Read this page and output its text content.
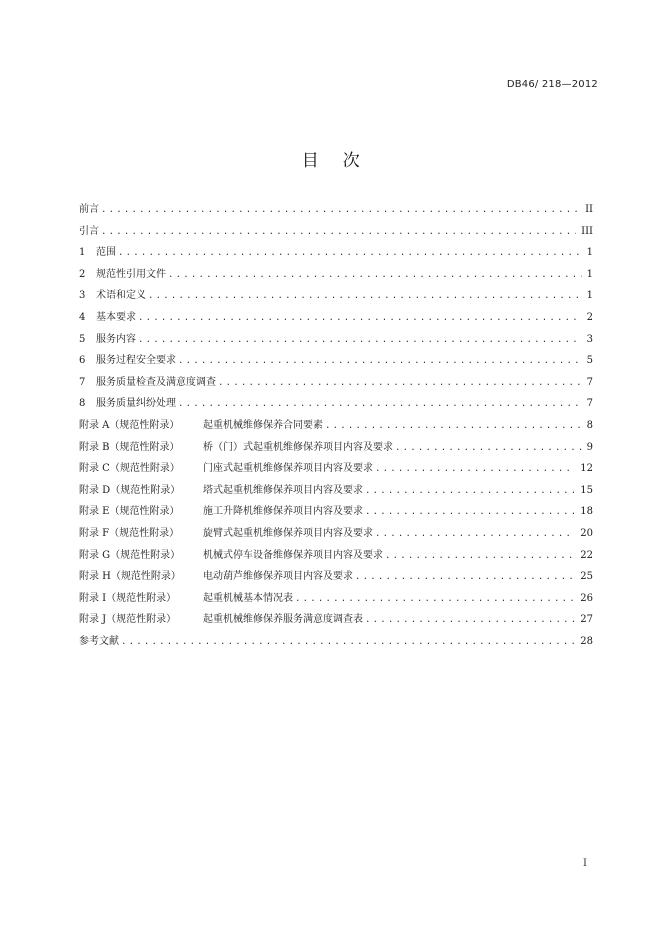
DB46/ 218—2012
目    次
前言 .....	II
引言 .....	III
1	范围 .....	1
2	规范性引用文件 .....	1
3	术语和定义 .....	1
4	基本要求 .....	2
5	服务内容 .....	3
6	服务过程安全要求 .....	5
7	服务质量检查及满意度调查 .....	7
8	服务质量纠纷处理 .....	7
附录 A（规范性附录）	起重机械维修保养合同要素 .....	8
附录 B（规范性附录）	桥（门）式起重机维修保养项目内容及要求 .....	9
附录 C（规范性附录）	门座式起重机维修保养项目内容及要求 .....	12
附录 D（规范性附录）	塔式起重机维修保养项目内容及要求 .....	15
附录 E（规范性附录）	施工升降机维修保养项目内容及要求 .....	18
附录 F（规范性附录）	旋臂式起重机维修保养项目内容及要求 .....	20
附录 G（规范性附录）	机械式停车设备维修保养项目内容及要求 .....	22
附录 H（规范性附录）	电动葫芦维修保养项目内容及要求 .....	25
附录 I（规范性附录）	起重机械基本情况表 .....	26
附录 J（规范性附录）	起重机械维修保养服务满意度调查表 .....	27
参考文献 .....	28
I
